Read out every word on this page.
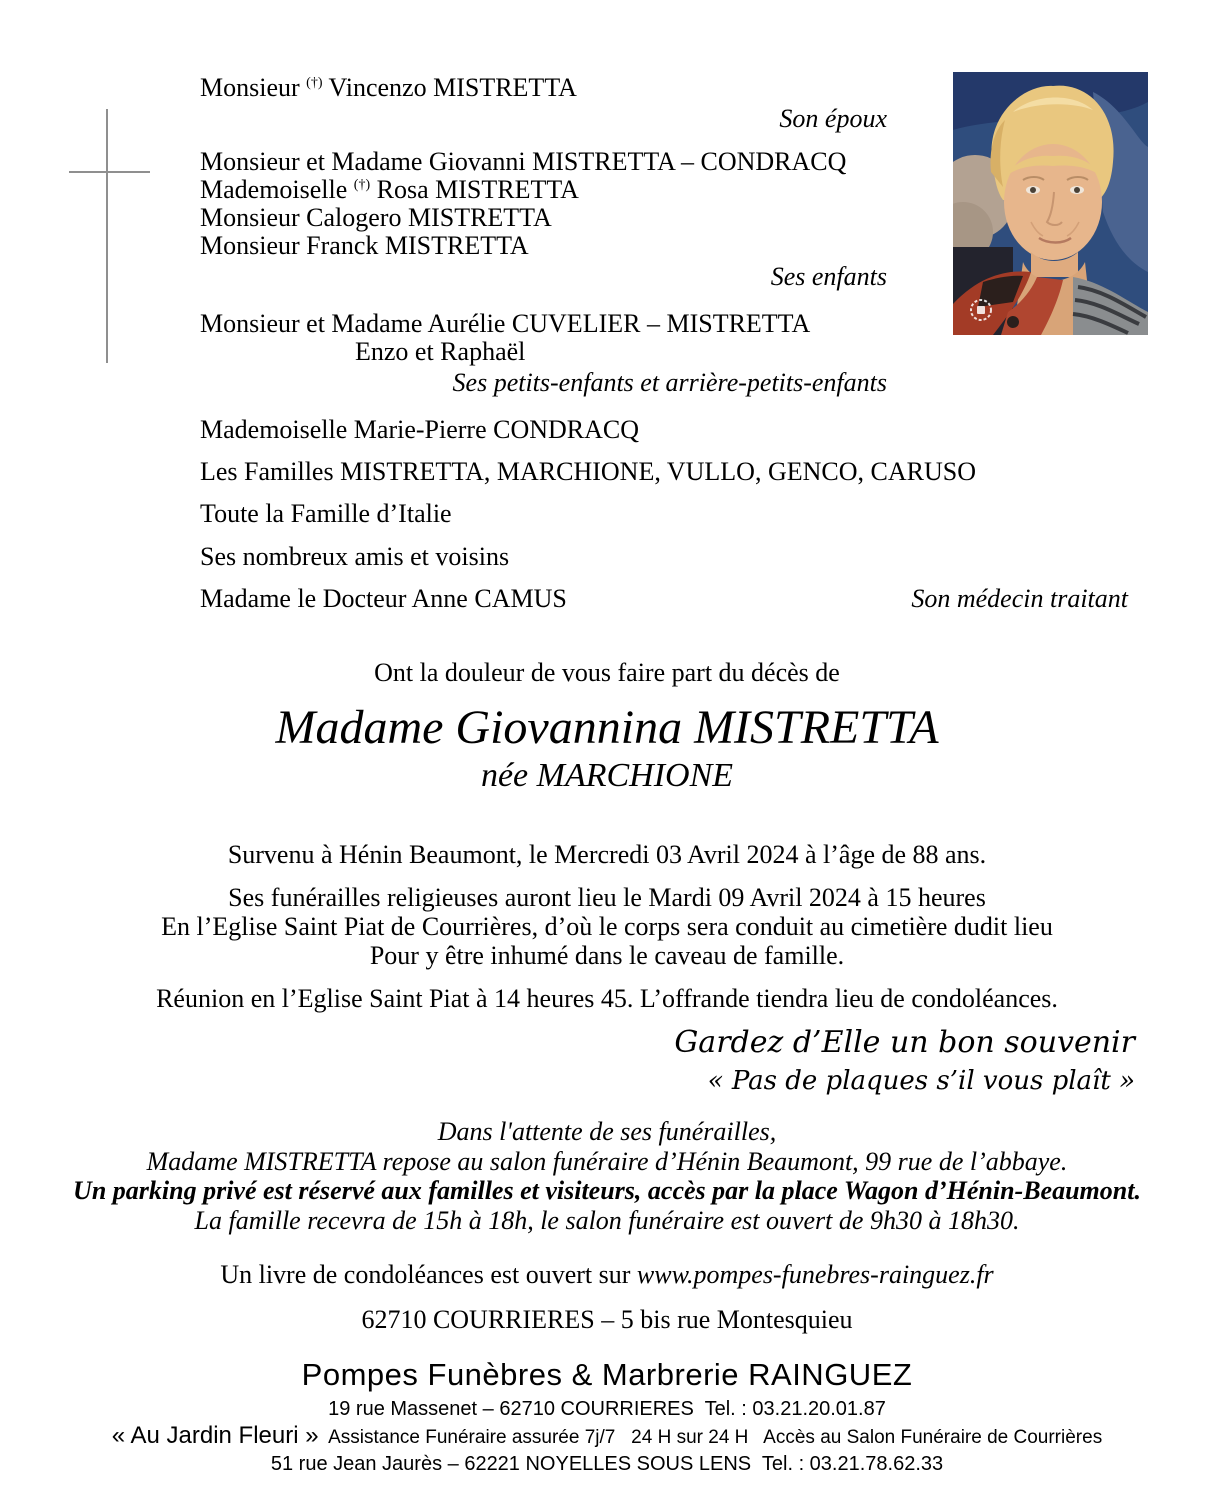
Monsieur (†) Vincenzo MISTRETTA
Son époux
Monsieur et Madame Giovanni MISTRETTA – CONDRACQ
Mademoiselle (†) Rosa MISTRETTA
Monsieur Calogero MISTRETTA
Monsieur Franck MISTRETTA
Ses enfants
Monsieur et Madame Aurélie CUVELIER – MISTRETTA
Enzo et Raphaël
Ses petits-enfants et arrière-petits-enfants
Mademoiselle Marie-Pierre CONDRACQ
Les Familles MISTRETTA, MARCHIONE, VULLO, GENCO, CARUSO
Toute la Famille d’Italie
Ses nombreux amis et voisins
Madame le Docteur Anne CAMUS	Son médecin traitant
Ont la douleur de vous faire part du décès de
Madame Giovannina MISTRETTA
née MARCHIONE
Survenu à Hénin Beaumont, le Mercredi 03 Avril 2024 à l’âge de 88 ans.
Ses funérailles religieuses auront lieu le Mardi 09 Avril 2024 à 15 heures
En l’Eglise Saint Piat de Courrières, d’où le corps sera conduit au cimetière dudit lieu
Pour y être inhumé dans le caveau de famille.
Réunion en l’Eglise Saint Piat à 14 heures 45. L’offrande tiendra lieu de condoléances.
Gardez d’Elle un bon souvenir
« Pas de plaques s’il vous plaît »
Dans l'attente de ses funérailles,
Madame MISTRETTA repose au salon funéraire d’Hénin Beaumont, 99 rue de l’abbaye.
Un parking privé est réservé aux familles et visiteurs, accès par la place Wagon d’Hénin-Beaumont.
La famille recevra de 15h à 18h, le salon funéraire est ouvert de 9h30 à 18h30.
Un livre de condoléances est ouvert sur www.pompes-funebres-rainguez.fr
62710 COURRIERES – 5 bis rue Montesquieu
Pompes Funèbres & Marbrerie RAINGUEZ
19 rue Massenet – 62710 COURRIERES  Tel. : 03.21.20.01.87
« Au Jardin Fleuri »  Assistance Funéraire assurée 7j/7   24 H sur 24 H   Accès au Salon Funéraire de Courrières
51 rue Jean Jaurès – 62221 NOYELLES SOUS LENS  Tel. : 03.21.78.62.33
